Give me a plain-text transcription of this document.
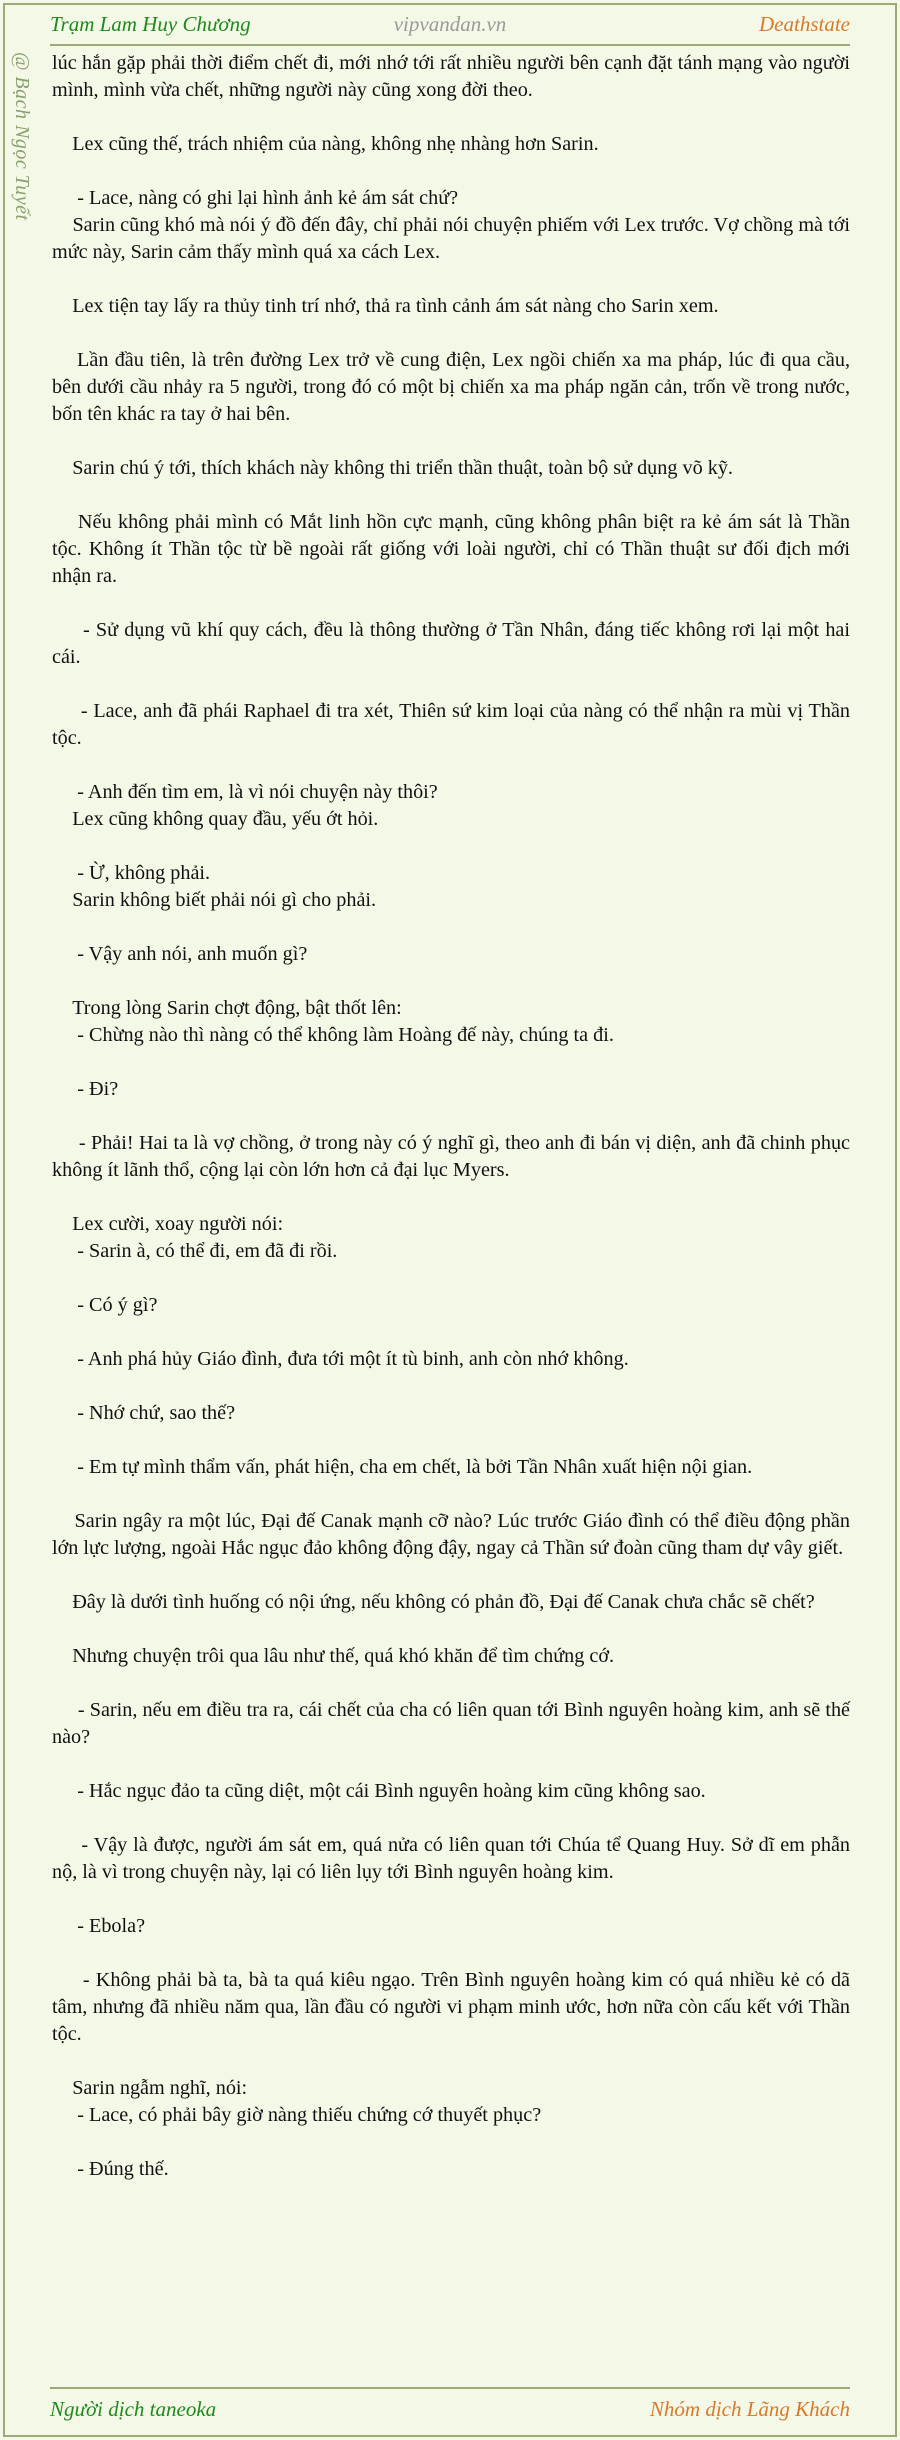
Trạm Lam Huy Chương	vipvandan.vn	Deathstate
@ Bạch Ngọc Tuyết lúc hắn gặp phải thời điểm chết đi, mới nhớ tới rất nhiều người bên cạnh đặt tánh mạng vào người mình, mình vừa chết, những người này cũng xong đời theo.

Lex cũng thế, trách nhiệm của nàng, không nhẹ nhàng hơn Sarin.

- Lace, nàng có ghi lại hình ảnh kẻ ám sát chứ?

Sarin cũng khó mà nói ý đồ đến đây, chỉ phải nói chuyện phiếm với Lex trước. Vợ chồng mà tới mức này, Sarin cảm thấy mình quá xa cách Lex.

Lex tiện tay lấy ra thủy tinh trí nhớ, thả ra tình cảnh ám sát nàng cho Sarin xem.

Lần đầu tiên, là trên đường Lex trở về cung điện, Lex ngồi chiến xa ma pháp, lúc đi qua cầu, bên dưới cầu nhảy ra 5 người, trong đó có một bị chiến xa ma pháp ngăn cản, trốn về trong nước, bốn tên khác ra tay ở hai bên.

Sarin chú ý tới, thích khách này không thi triển thần thuật, toàn bộ sử dụng võ kỹ.

Nếu không phải mình có Mắt linh hồn cực mạnh, cũng không phân biệt ra kẻ ám sát là Thần tộc. Không ít Thần tộc từ bề ngoài rất giống với loài người, chỉ có Thần thuật sư đối địch mới nhận ra.

- Sử dụng vũ khí quy cách, đều là thông thường ở Tần Nhân, đáng tiếc không rơi lại một hai cái.

- Lace, anh đã phái Raphael đi tra xét, Thiên sứ kim loại của nàng có thể nhận ra mùi vị Thần tộc.

- Anh đến tìm em, là vì nói chuyện này thôi?

Lex cũng không quay đầu, yếu ớt hỏi.

- Ừ, không phải.

Sarin không biết phải nói gì cho phải.

- Vậy anh nói, anh muốn gì?

Trong lòng Sarin chợt động, bật thốt lên:

- Chừng nào thì nàng có thể không làm Hoàng đế này, chúng ta đi.

- Đi?

- Phải! Hai ta là vợ chồng, ở trong này có ý nghĩ gì, theo anh đi bán vị diện, anh đã chinh phục không ít lãnh thổ, cộng lại còn lớn hơn cả đại lục Myers.

Lex cười, xoay người nói:

- Sarin à, có thể đi, em đã đi rồi.

- Có ý gì?

- Anh phá hủy Giáo đình, đưa tới một ít tù binh, anh còn nhớ không.

- Nhớ chứ, sao thế?

- Em tự mình thẩm vấn, phát hiện, cha em chết, là bởi Tần Nhân xuất hiện nội gian.

Sarin ngây ra một lúc, Đại đế Canak mạnh cỡ nào? Lúc trước Giáo đình có thể điều động phần lớn lực lượng, ngoài Hắc ngục đảo không động đậy, ngay cả Thần sứ đoàn cũng tham dự vây giết.

Đây là dưới tình huống có nội ứng, nếu không có phản đồ, Đại đế Canak chưa chắc sẽ chết?

Nhưng chuyện trôi qua lâu như thế, quá khó khăn để tìm chứng cớ.

- Sarin, nếu em điều tra ra, cái chết của cha có liên quan tới Bình nguyên hoàng kim, anh sẽ thế nào?

- Hắc ngục đảo ta cũng diệt, một cái Bình nguyên hoàng kim cũng không sao.

- Vậy là được, người ám sát em, quá nửa có liên quan tới Chúa tể Quang Huy. Sở dĩ em phẫn nộ, là vì trong chuyện này, lại có liên lụy tới Bình nguyên hoàng kim.

- Ebola?

- Không phải bà ta, bà ta quá kiêu ngạo. Trên Bình nguyên hoàng kim có quá nhiều kẻ có dã tâm, nhưng đã nhiều năm qua, lần đầu có người vi phạm minh ước, hơn nữa còn cấu kết với Thần tộc.

Sarin ngẫm nghĩ, nói:

- Lace, có phải bây giờ nàng thiếu chứng cớ thuyết phục?

- Đúng thế.

Người dịch taneoka	Nhóm dịch Lãng Khách
